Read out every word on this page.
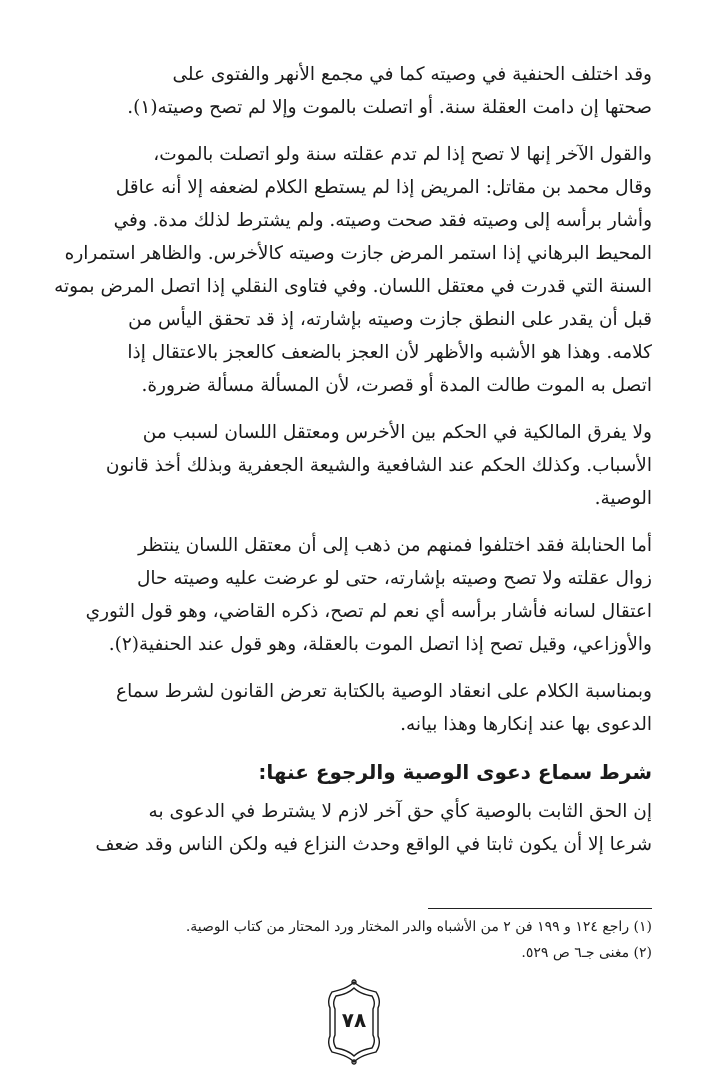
وقد اختلف الحنفية في وصيته كما في مجمع الأنهر والفتوى على
صحتها إن دامت العقلة سنة. أو اتصلت بالموت وإلا لم تصح وصيته(١).

والقول الآخر إنها لا تصح إذا لم تدم عقلته سنة ولو اتصلت بالموت،
وقال محمد بن مقاتل: المريض إذا لم يستطع الكلام لضعفه إلا أنه عاقل
وأشار برأسه إلى وصيته فقد صحت وصيته. ولم يشترط لذلك مدة. وفي
المحيط البرهاني إذا استمر المرض جازت وصيته كالأخرس. والظاهر استمراره
السنة التي قدرت في معتقل اللسان. وفي فتاوى النقلي إذا اتصل المرض بموته
قبل أن يقدر على النطق جازت وصيته بإشارته، إذ قد تحقق اليأس من
كلامه. وهذا هو الأشبه والأظهر لأن العجز بالضعف كالعجز بالاعتقال إذا
اتصل به الموت طالت المدة أو قصرت، لأن المسألة مسألة ضرورة.

ولا يفرق المالكية في الحكم بين الأخرس ومعتقل اللسان لسبب من
الأسباب. وكذلك الحكم عند الشافعية والشيعة الجعفرية وبذلك أخذ قانون
الوصية.

أما الحنابلة فقد اختلفوا فمنهم من ذهب إلى أن معتقل اللسان ينتظر
زوال عقلته ولا تصح وصيته بإشارته، حتى لو عرضت عليه وصيته حال
اعتقال لسانه فأشار برأسه أي نعم لم تصح، ذكره القاضي، وهو قول الثوري
والأوزاعي، وقيل تصح إذا اتصل الموت بالعقلة، وهو قول عند الحنفية(٢).

وبمناسبة الكلام على انعقاد الوصية بالكتابة تعرض القانون لشرط سماع
الدعوى بها عند إنكارها وهذا بيانه.

شرط سماع دعوى الوصية والرجوع عنها:

إن الحق الثابت بالوصية كأي حق آخر لازم لا يشترط في الدعوى به
شرعا إلا أن يكون ثابتا في الواقع وحدث النزاع فيه ولكن الناس وقد ضعف

(١) راجع ١٢٤ و ١٩٩ فن ٢ من الأشباه والدر المختار ورد المحتار من كتاب الوصية.
(٢) مغنى جـ٦ ص ٥٢٩.
٧٨
